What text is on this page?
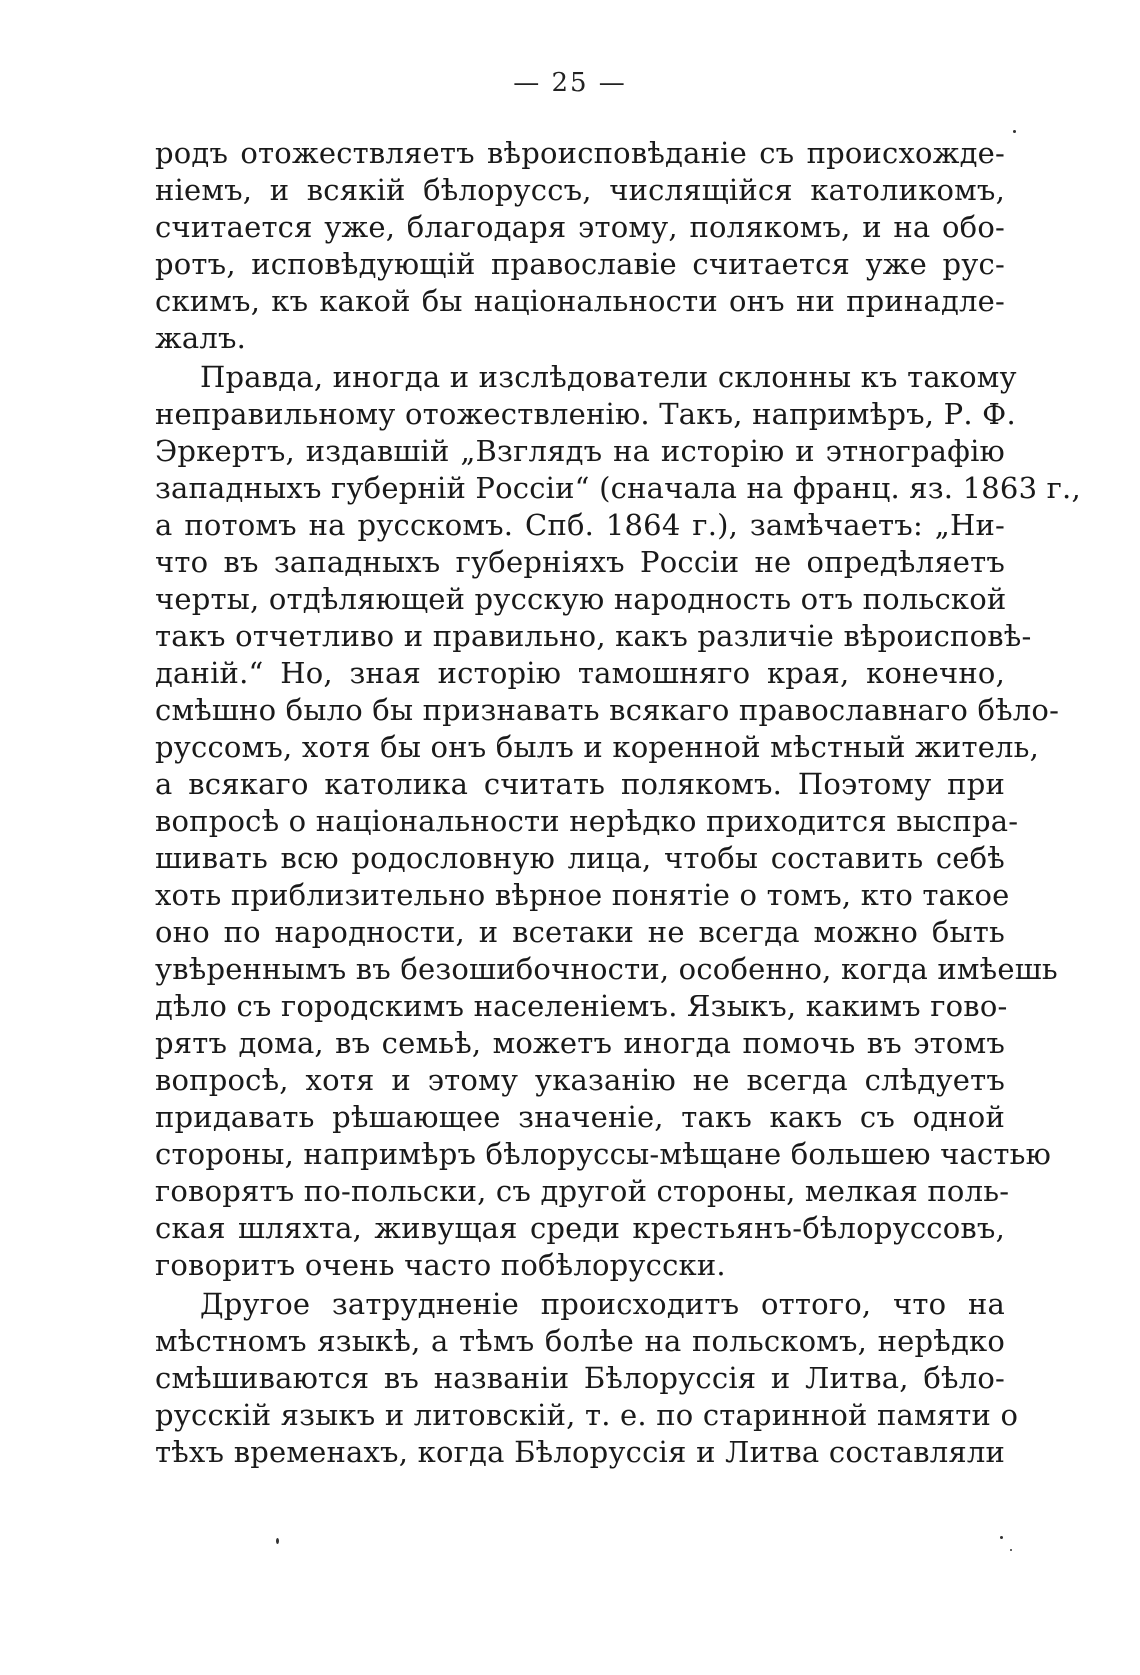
— 25 —
родъ отожествляетъ вѣроисповѣданіе съ происхожде-
ніемъ, и всякій бѣлоруссъ, числящійся католикомъ,
считается уже, благодаря этому, полякомъ, и на обо-
ротъ, исповѣдующій православіе считается уже рус-
скимъ, къ какой бы національности онъ ни принадле-
жалъ.
Правда, иногда и изслѣдователи склонны къ такому
неправильному отожествленію. Такъ, напримѣръ, Р. Ф.
Эркертъ, издавшій „Взглядъ на исторію и этнографію
западныхъ губерній Россіи“ (сначала на франц. яз. 1863 г.,
а потомъ на русскомъ. Спб. 1864 г.), замѣчаетъ: „Ни-
что въ западныхъ губерніяхъ Россіи не опредѣляетъ
черты, отдѣляющей русскую народность отъ польской
такъ отчетливо и правильно, какъ различіе вѣроисповѣ-
даній.“ Но, зная исторію тамошняго края, конечно,
смѣшно было бы признавать всякаго православнаго бѣло-
руссомъ, хотя бы онъ былъ и коренной мѣстный житель,
а всякаго католика считать полякомъ. Поэтому при
вопросѣ о національности нерѣдко приходится выспра-
шивать всю родословную лица, чтобы составить себѣ
хоть приблизительно вѣрное понятіе о томъ, кто такое
оно по народности, и всетаки не всегда можно быть
увѣреннымъ въ безошибочности, особенно, когда имѣешь
дѣло съ городскимъ населеніемъ. Языкъ, какимъ гово-
рятъ дома, въ семьѣ, можетъ иногда помочь въ этомъ
вопросѣ, хотя и этому указанію не всегда слѣдуетъ
придавать рѣшающее значеніе, такъ какъ съ одной
стороны, напримѣръ бѣлоруссы-мѣщане большею частью
говорятъ по-польски, съ другой стороны, мелкая поль-
ская шляхта, живущая среди крестьянъ-бѣлоруссовъ,
говоритъ очень часто побѣлорусски.
Другое затрудненіе происходитъ оттого, что на
мѣстномъ языкѣ, а тѣмъ болѣе на польскомъ, нерѣдко
смѣшиваются въ названіи Бѣлоруссія и Литва, бѣло-
русскій языкъ и литовскій, т. е. по старинной памяти о
тѣхъ временахъ, когда Бѣлоруссія и Литва составляли
